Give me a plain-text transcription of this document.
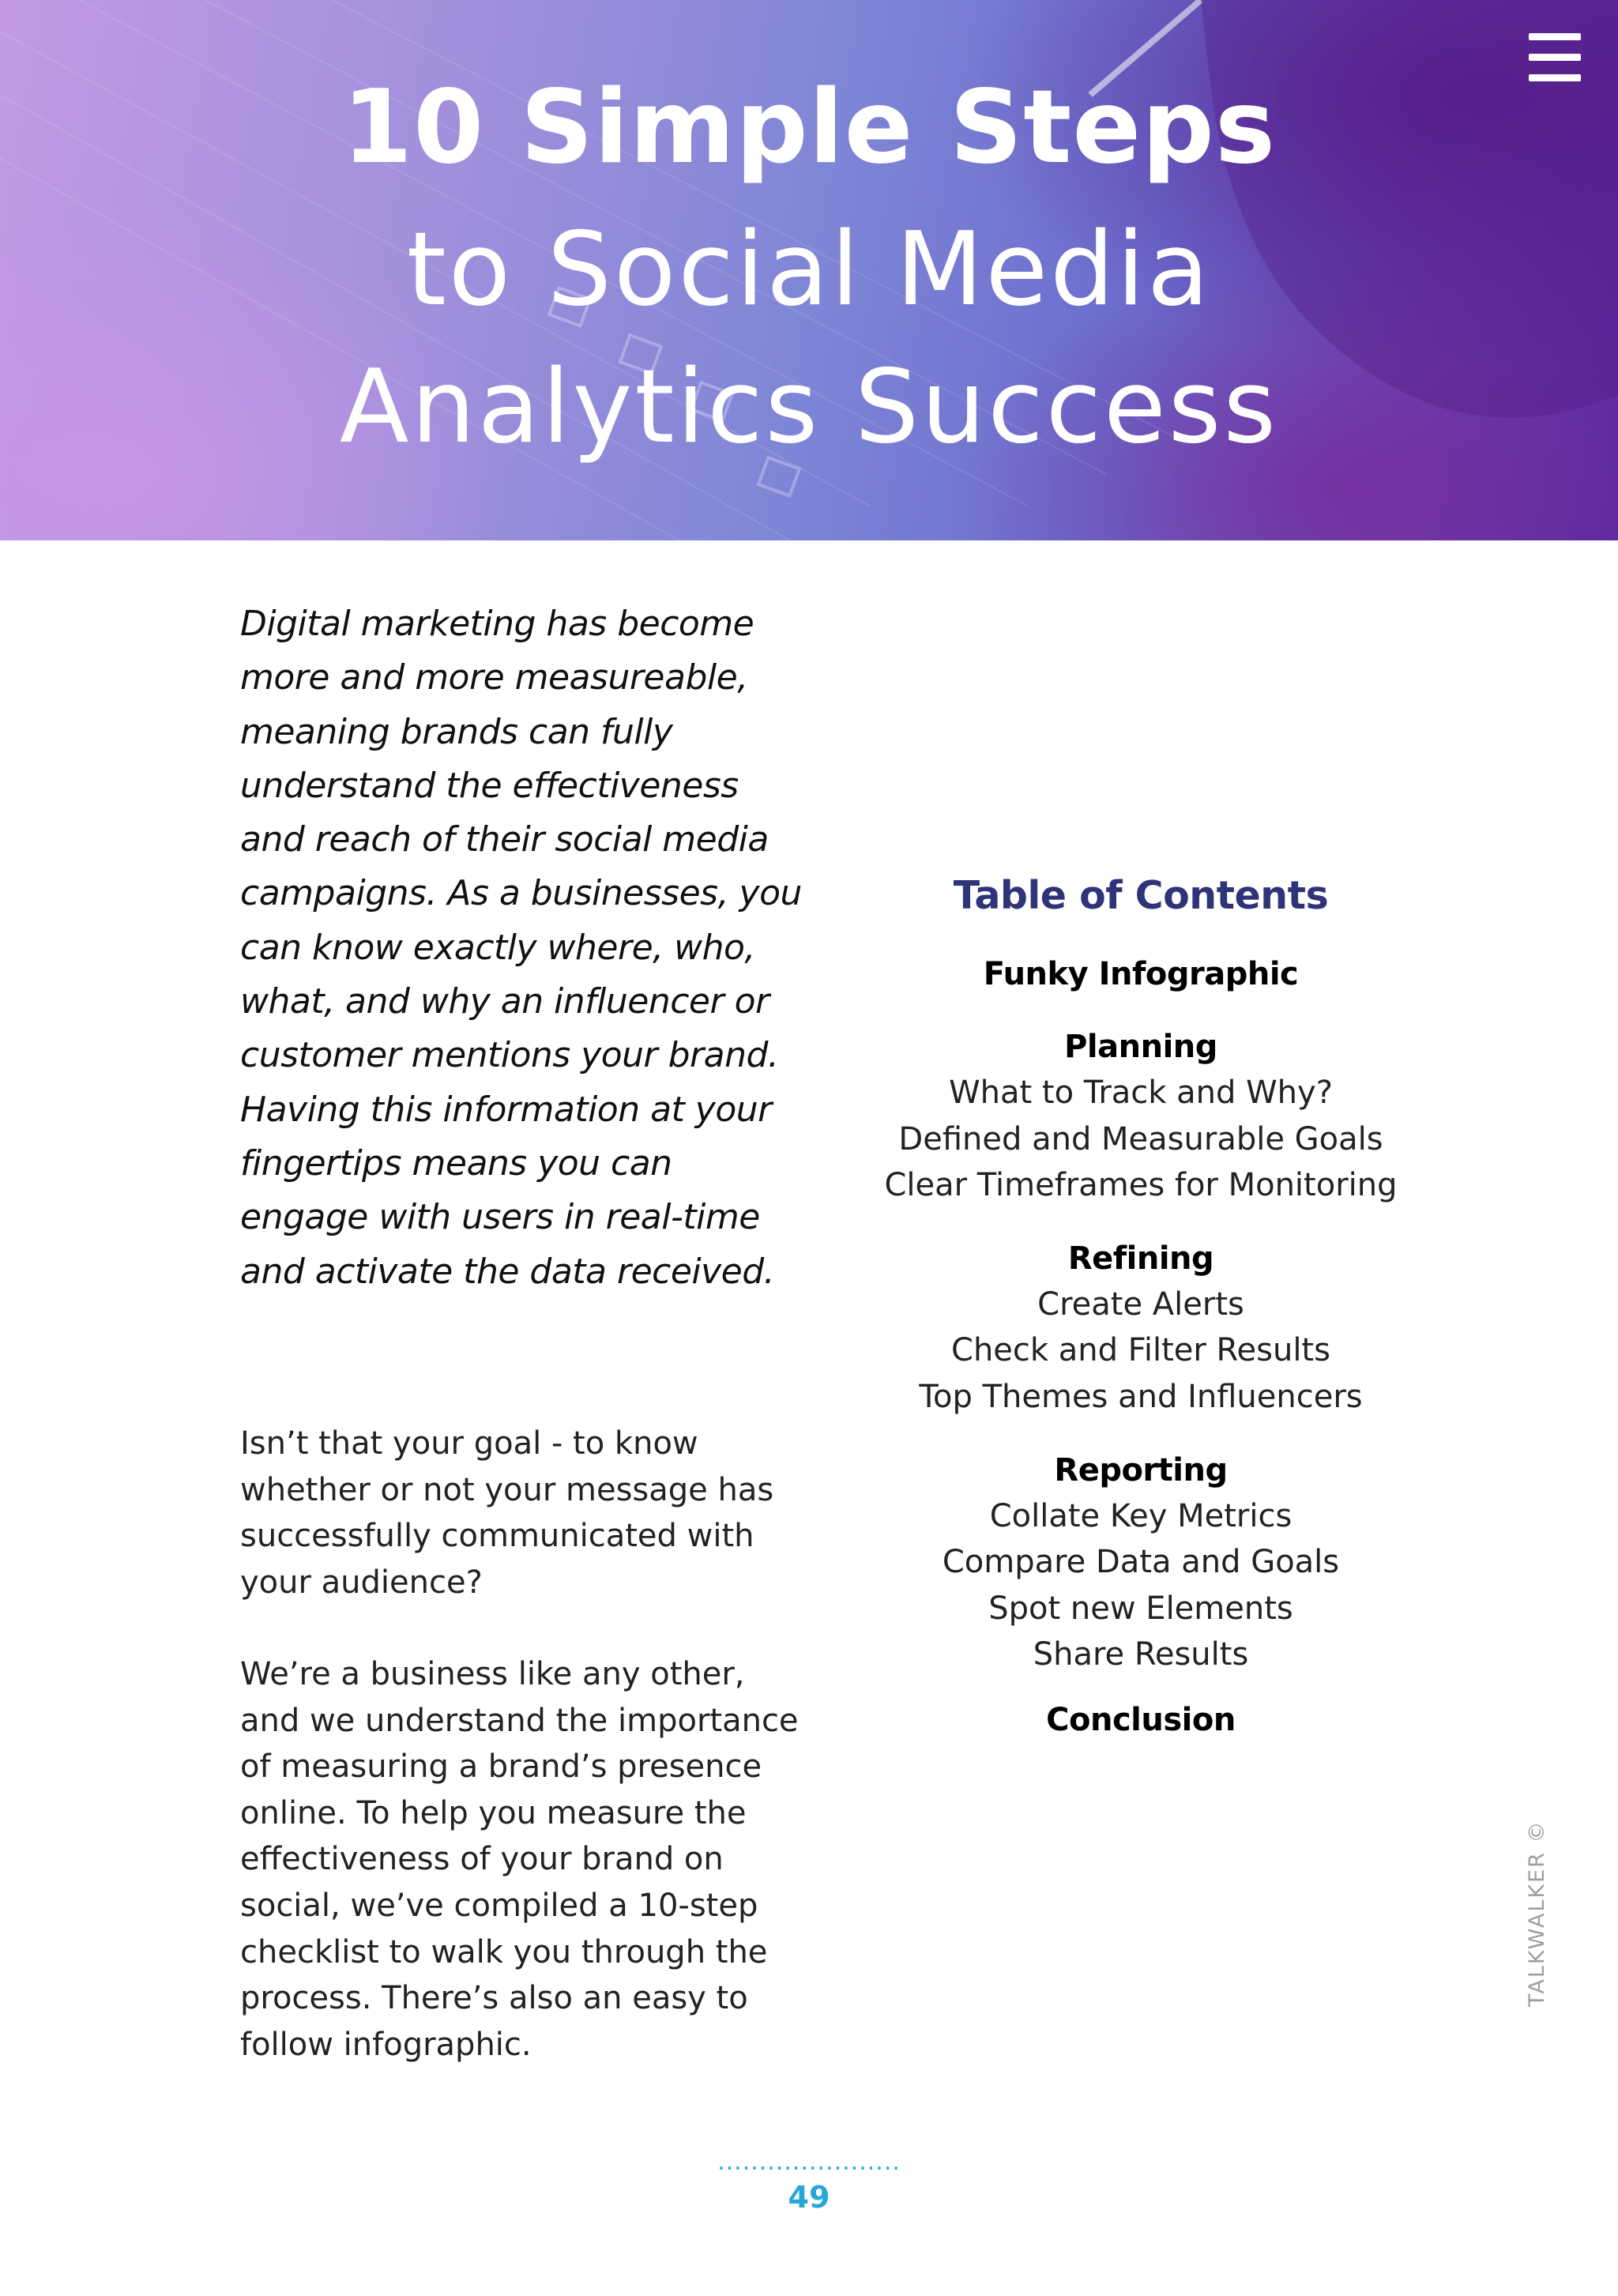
10 Simple Steps
to Social Media
Analytics Success

Digital marketing has become more and more measureable, meaning brands can fully understand the effectiveness and reach of their social media campaigns. As a businesses, you can know exactly where, who, what, and why an influencer or customer mentions your brand. Having this information at your fingertips means you can engage with users in real-time and activate the data received.

Isn’t that your goal - to know whether or not your message has successfully communicated with your audience?

We’re a business like any other, and we understand the importance of measuring a brand’s presence online. To help you measure the effectiveness of your brand on social, we’ve compiled a 10-step checklist to walk you through the process. There’s also an easy to follow infographic.

Table of Contents

Funky Infographic

Planning

What to Track and Why?

Defined and Measurable Goals

Clear Timeframes for Monitoring

Refining

Create Alerts

Check and Filter Results

Top Themes and Influencers

Reporting

Collate Key Metrics

Compare Data and Goals

Spot new Elements

Share Results

Conclusion

TALKWALKER ©
......................
49
